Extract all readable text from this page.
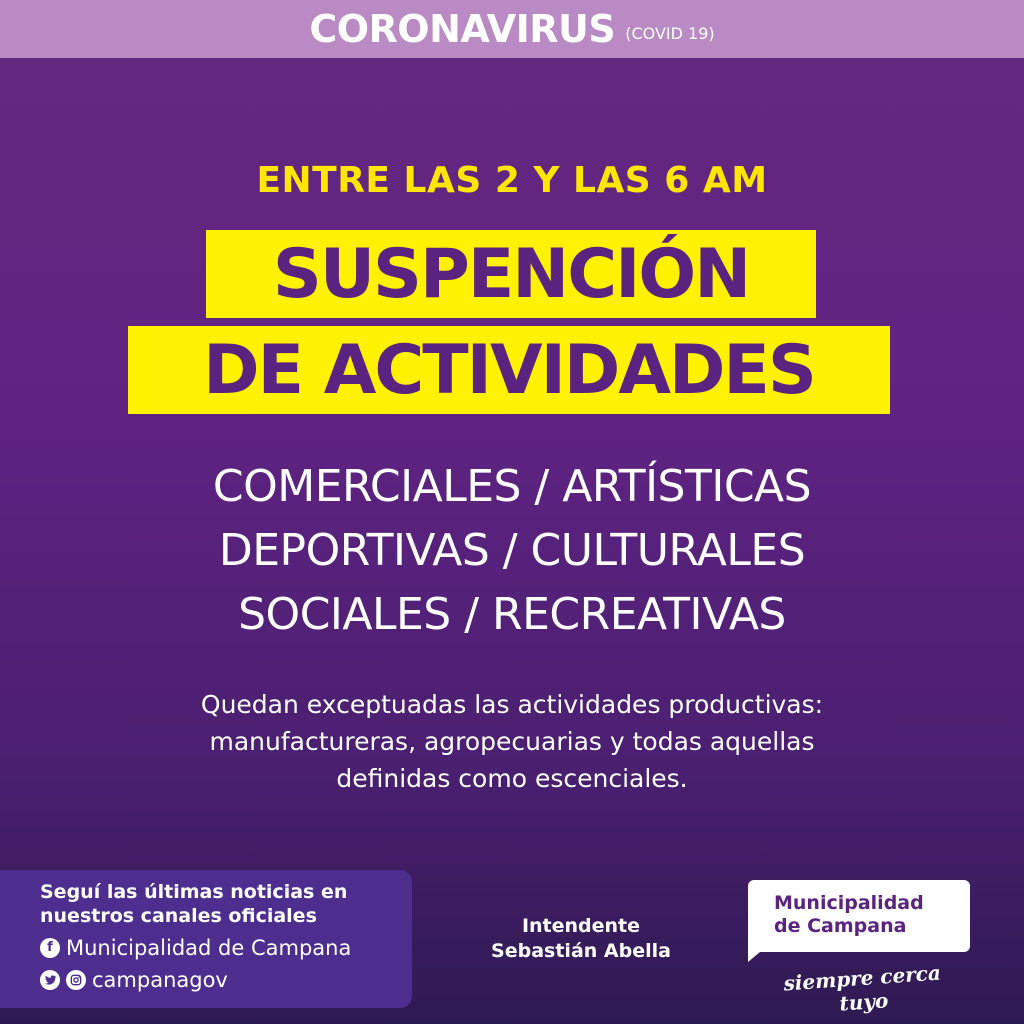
CORONAVIRUS (COVID 19)
ENTRE LAS 2 Y LAS 6 AM
SUSPENCIÓN
DE ACTIVIDADES
COMERCIALES / ARTÍSTICAS
DEPORTIVAS / CULTURALES
SOCIALES / RECREATIVAS
Quedan exceptuadas las actividades productivas:
manufactureras, agropecuarias y todas aquellas
definidas como escenciales.
Seguí las últimas noticias en
nuestros canales oficiales
f Municipalidad de Campana
campanagov
Intendente
Sebastián Abella
Municipalidad
de Campana
siempre cerca tuyo
